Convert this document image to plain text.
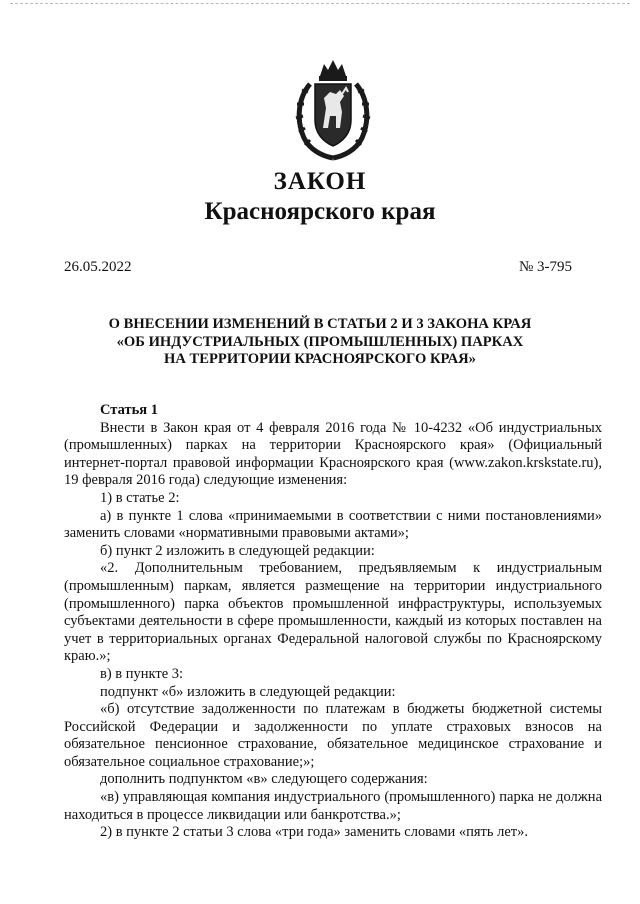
ЗАКОН
Красноярского края
26.05.2022	№ 3-795
О ВНЕСЕНИИ ИЗМЕНЕНИЙ В СТАТЬИ 2 И 3 ЗАКОНА КРАЯ
«ОБ ИНДУСТРИАЛЬНЫХ (ПРОМЫШЛЕННЫХ) ПАРКАХ
НА ТЕРРИТОРИИ КРАСНОЯРСКОГО КРАЯ»

Статья 1

Внести в Закон края от 4 февраля 2016 года № 10-4232 «Об индустриальных (промышленных) парках на территории Красноярского края» (Официальный интернет-портал правовой информации Красноярского края (www.zakon.krskstate.ru), 19 февраля 2016 года) следующие изменения:

1) в статье 2:

а) в пункте 1 слова «принимаемыми в соответствии с ними постановлениями» заменить словами «нормативными правовыми актами»;

б) пункт 2 изложить в следующей редакции:

«2. Дополнительным требованием, предъявляемым к индустриальным (промышленным) паркам, является размещение на территории индустриального (промышленного) парка объектов промышленной инфраструктуры, используемых субъектами деятельности в сфере промышленности, каждый из которых поставлен на учет в территориальных органах Федеральной налоговой службы по Красноярскому краю.»;

в) в пункте 3:

подпункт «б» изложить в следующей редакции:

«б) отсутствие задолженности по платежам в бюджеты бюджетной системы Российской Федерации и задолженности по уплате страховых взносов на обязательное пенсионное страхование, обязательное медицинское страхование и обязательное социальное страхование;»;

дополнить подпунктом «в» следующего содержания:

«в) управляющая компания индустриального (промышленного) парка не должна находиться в процессе ликвидации или банкротства.»;

2) в пункте 2 статьи 3 слова «три года» заменить словами «пять лет».
